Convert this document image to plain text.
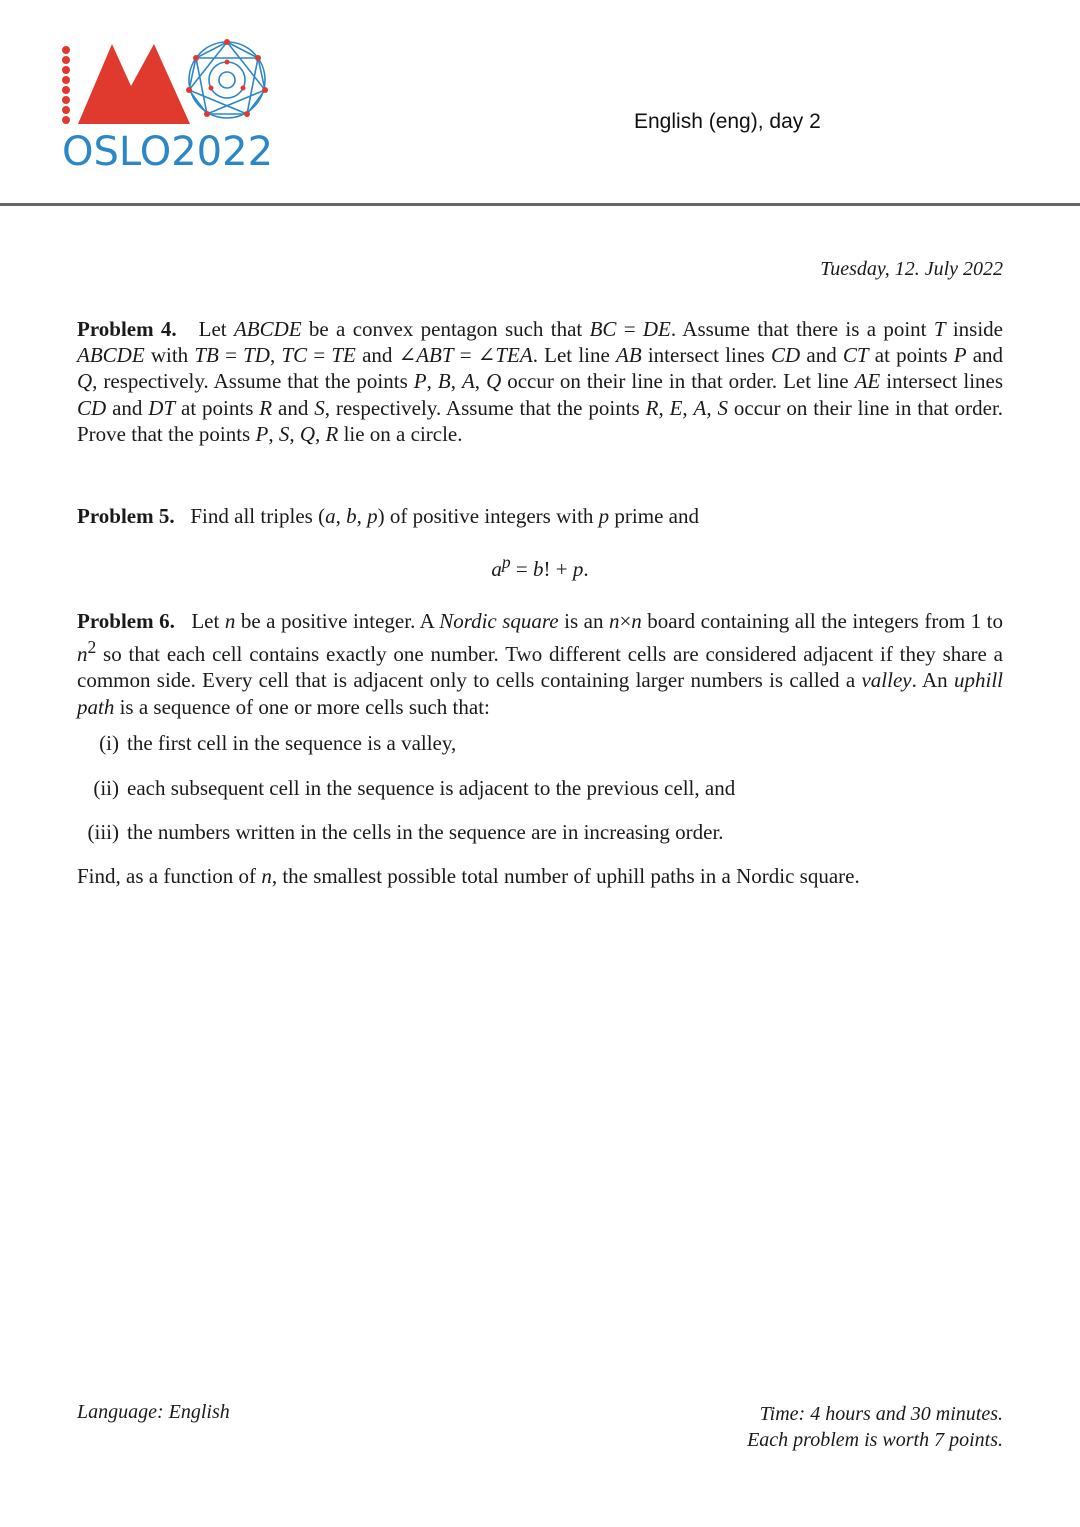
OSLO2022
English (eng), day 2
Tuesday, 12. July 2022
Problem 4. Let ABCDE be a convex pentagon such that BC = DE. Assume that there is a point T inside ABCDE with TB = TD, TC = TE and ∠ABT = ∠TEA. Let line AB intersect lines CD and CT at points P and Q, respectively. Assume that the points P, B, A, Q occur on their line in that order. Let line AE intersect lines CD and DT at points R and S, respectively. Assume that the points R, E, A, S occur on their line in that order. Prove that the points P, S, Q, R lie on a circle.
Problem 5. Find all triples (a, b, p) of positive integers with p prime and
$a^p = b$! + p.
Problem 6. Let n be a positive integer. A Nordic square is an n×n board containing all the integers from 1 to $n^2$ so that each cell contains exactly one number. Two different cells are considered adjacent if they share a common side. Every cell that is adjacent only to cells containing larger numbers is called a valley. An uphill path is a sequence of one or more cells such that:
(i) the first cell in the sequence is a valley,
(ii) each subsequent cell in the sequence is adjacent to the previous cell, and
(iii) the numbers written in the cells in the sequence are in increasing order.
Find, as a function of n, the smallest possible total number of uphill paths in a Nordic square.
Language: English	Time: 4 hours and 30 minutes.
Each problem is worth 7 points.
